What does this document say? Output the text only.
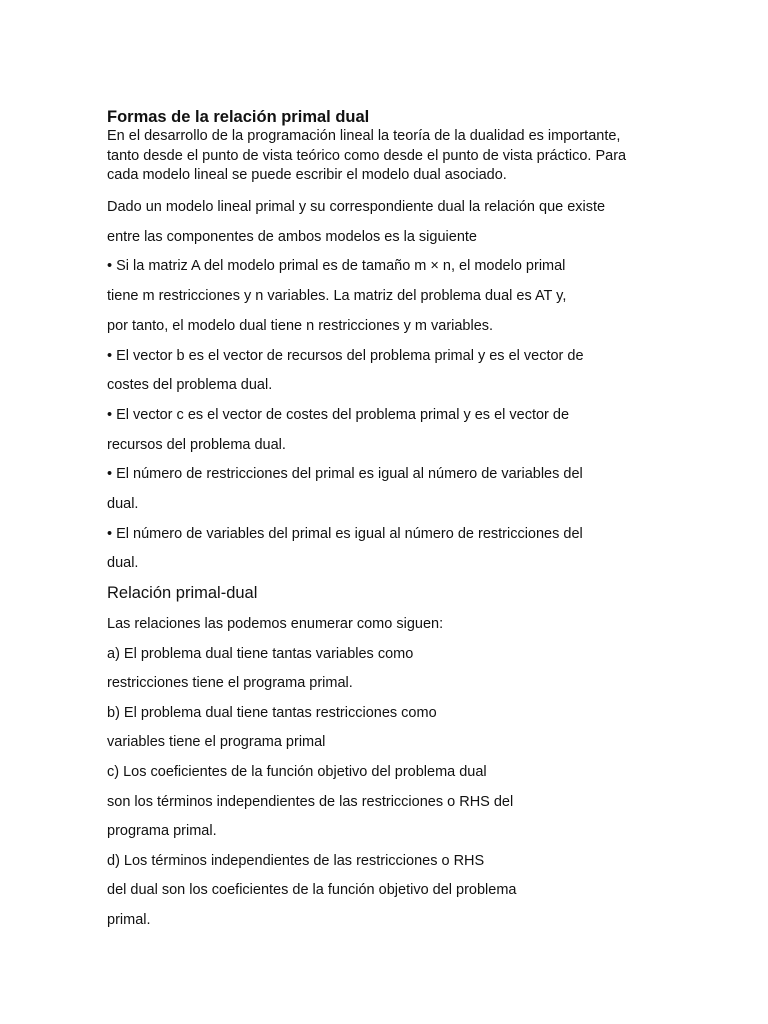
Formas de la relación primal dual

En el desarrollo de la programación lineal la teoría de la dualidad es importante,
tanto desde el punto de vista teórico como desde el punto de vista práctico. Para
cada modelo lineal se puede escribir el modelo dual asociado.

Dado un modelo lineal primal y su correspondiente dual la relación que existe
entre las componentes de ambos modelos es la siguiente
• Si la matriz A del modelo primal es de tamaño m × n, el modelo primal
tiene m restricciones y n variables. La matriz del problema dual es AT y,
por tanto, el modelo dual tiene n restricciones y m variables.
• El vector b es el vector de recursos del problema primal y es el vector de
costes del problema dual.
• El vector c es el vector de costes del problema primal y es el vector de
recursos del problema dual.
• El número de restricciones del primal es igual al número de variables del
dual.
• El número de variables del primal es igual al número de restricciones del
dual.
Relación primal-dual
Las relaciones las podemos enumerar como siguen:
a) El problema dual tiene tantas variables como
restricciones tiene el programa primal.
b) El problema dual tiene tantas restricciones como
variables tiene el programa primal
c) Los coeficientes de la función objetivo del problema dual
son los términos independientes de las restricciones o RHS del
programa primal.
d) Los términos independientes de las restricciones o RHS
del dual son los coeficientes de la función objetivo del problema
primal.
